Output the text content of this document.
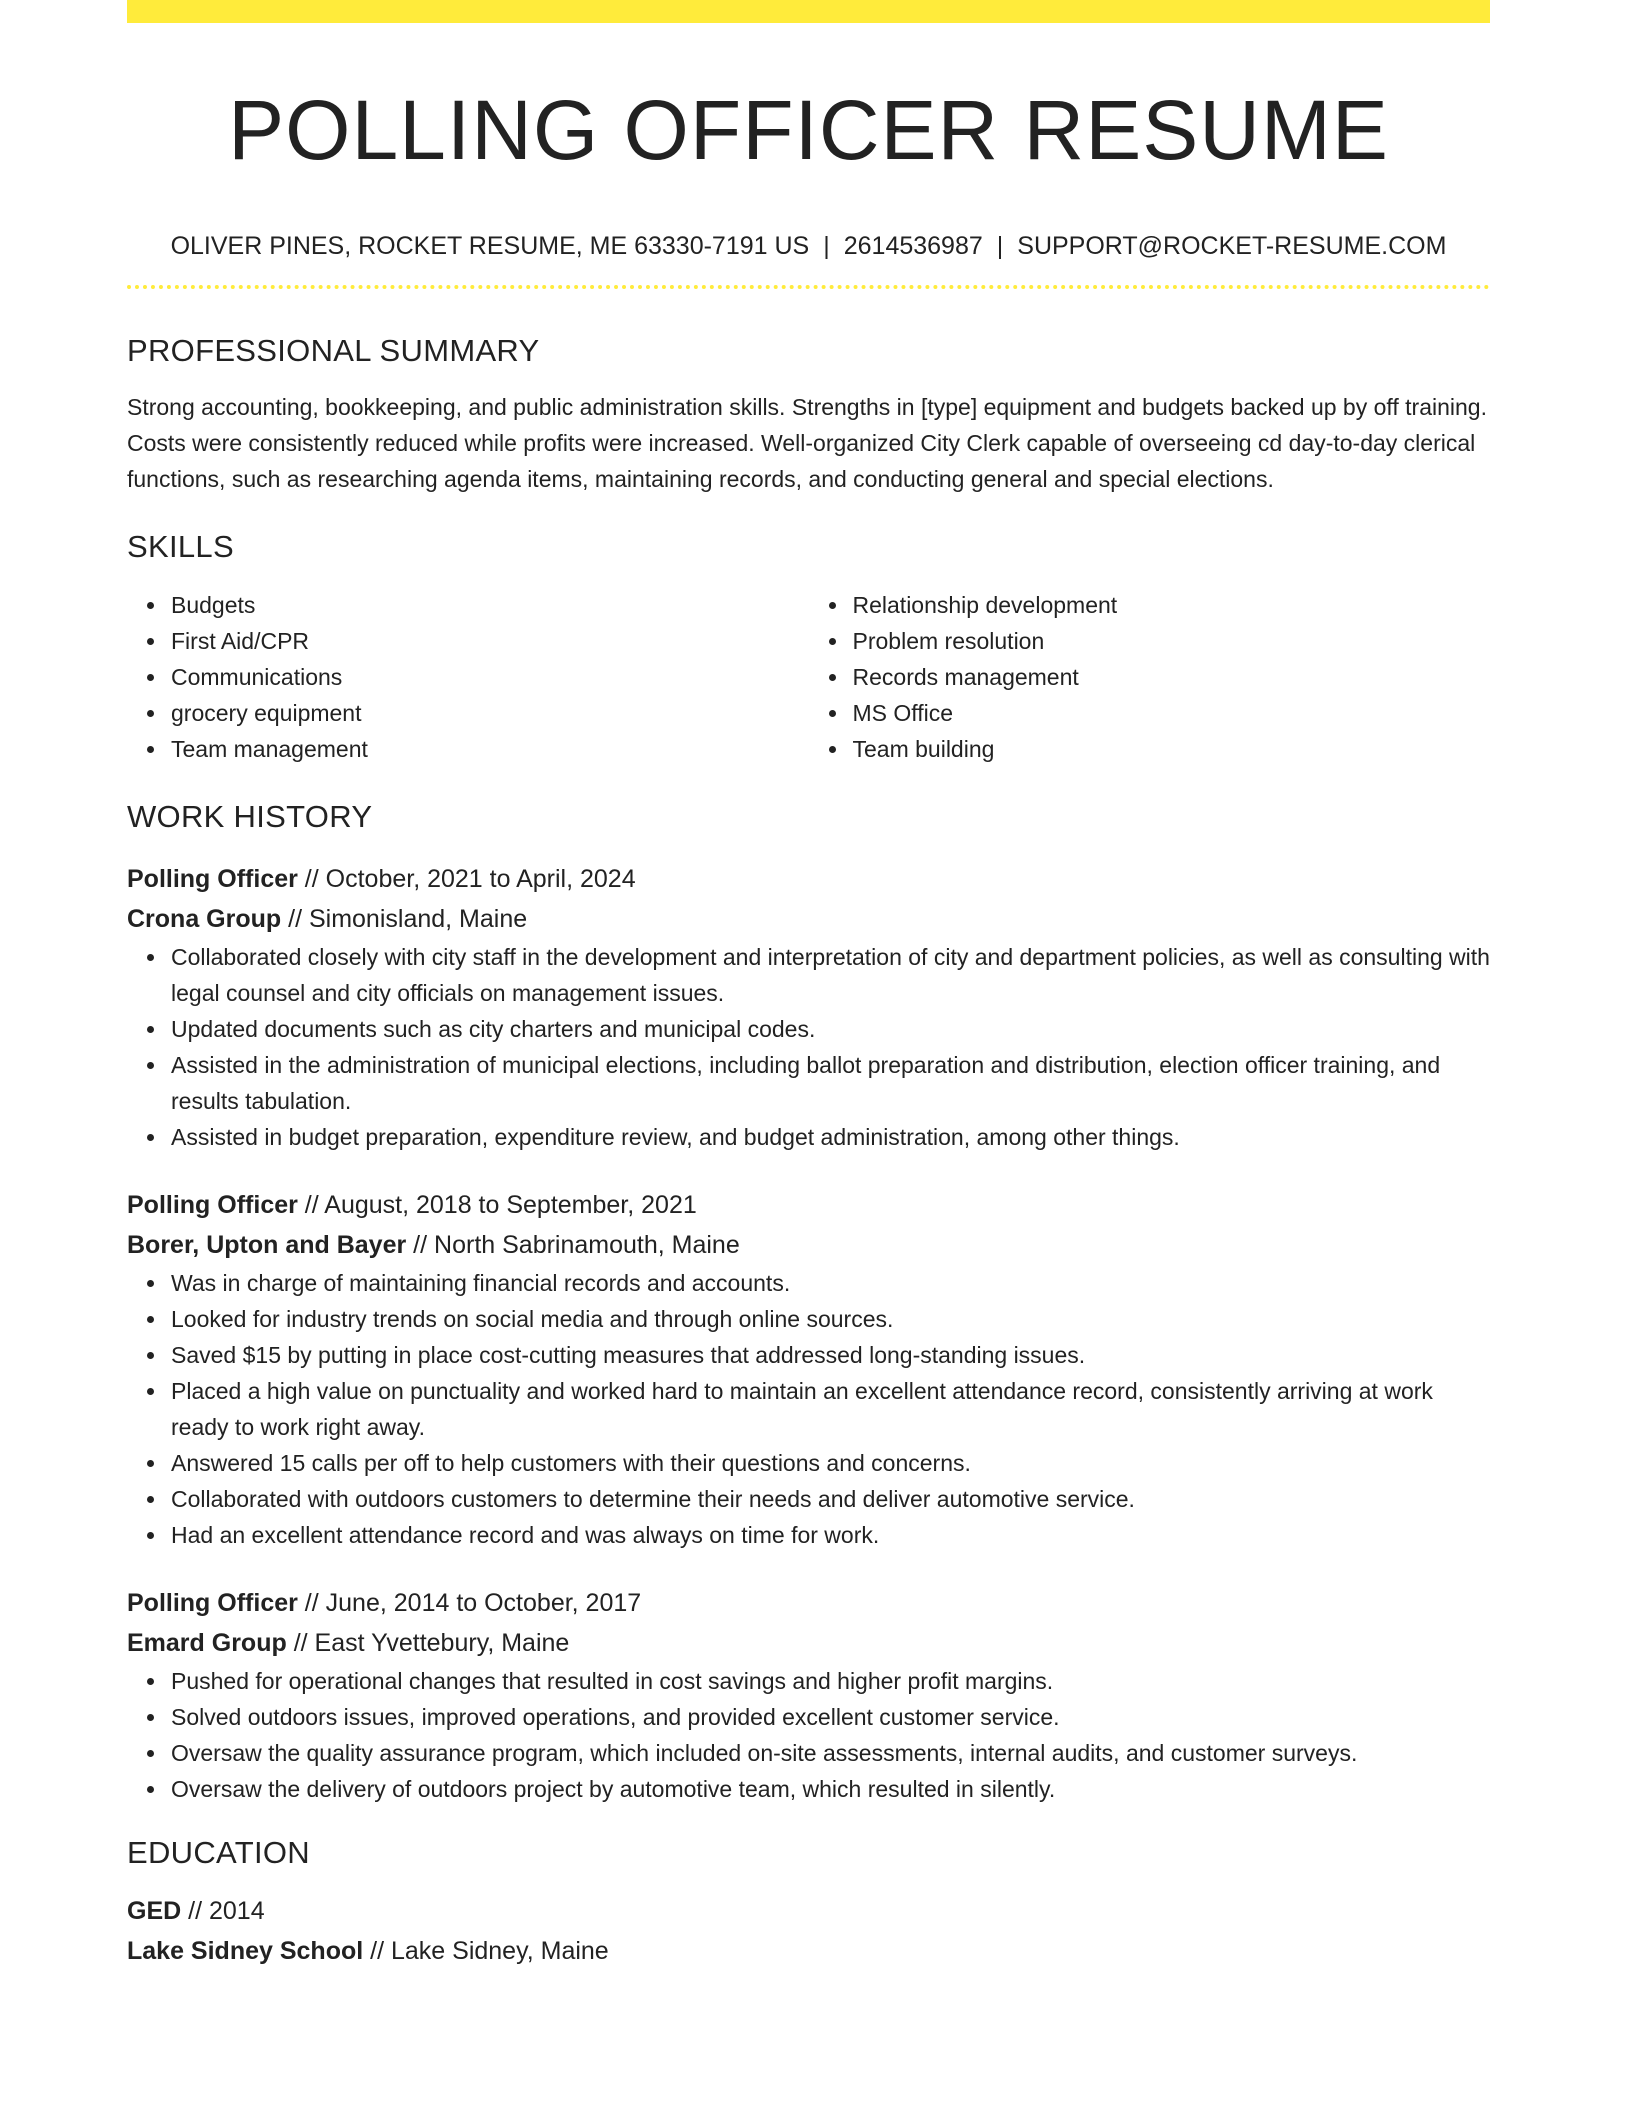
POLLING OFFICER RESUME
OLIVER PINES, ROCKET RESUME, ME 63330-7191 US | 2614536987 | SUPPORT@ROCKET-RESUME.COM
PROFESSIONAL SUMMARY
Strong accounting, bookkeeping, and public administration skills. Strengths in [type] equipment and budgets backed up by off training. Costs were consistently reduced while profits were increased. Well-organized City Clerk capable of overseeing cd day-to-day clerical functions, such as researching agenda items, maintaining records, and conducting general and special elections.
SKILLS
Budgets
First Aid/CPR
Communications
grocery equipment
Team management
Relationship development
Problem resolution
Records management
MS Office
Team building
WORK HISTORY
Polling Officer // October, 2021 to April, 2024
Crona Group // Simonisland, Maine
Collaborated closely with city staff in the development and interpretation of city and department policies, as well as consulting with legal counsel and city officials on management issues.
Updated documents such as city charters and municipal codes.
Assisted in the administration of municipal elections, including ballot preparation and distribution, election officer training, and results tabulation.
Assisted in budget preparation, expenditure review, and budget administration, among other things.
Polling Officer // August, 2018 to September, 2021
Borer, Upton and Bayer // North Sabrinamouth, Maine
Was in charge of maintaining financial records and accounts.
Looked for industry trends on social media and through online sources.
Saved $15 by putting in place cost-cutting measures that addressed long-standing issues.
Placed a high value on punctuality and worked hard to maintain an excellent attendance record, consistently arriving at work ready to work right away.
Answered 15 calls per off to help customers with their questions and concerns.
Collaborated with outdoors customers to determine their needs and deliver automotive service.
Had an excellent attendance record and was always on time for work.
Polling Officer // June, 2014 to October, 2017
Emard Group // East Yvettebury, Maine
Pushed for operational changes that resulted in cost savings and higher profit margins.
Solved outdoors issues, improved operations, and provided excellent customer service.
Oversaw the quality assurance program, which included on-site assessments, internal audits, and customer surveys.
Oversaw the delivery of outdoors project by automotive team, which resulted in silently.
EDUCATION
GED // 2014
Lake Sidney School // Lake Sidney, Maine
